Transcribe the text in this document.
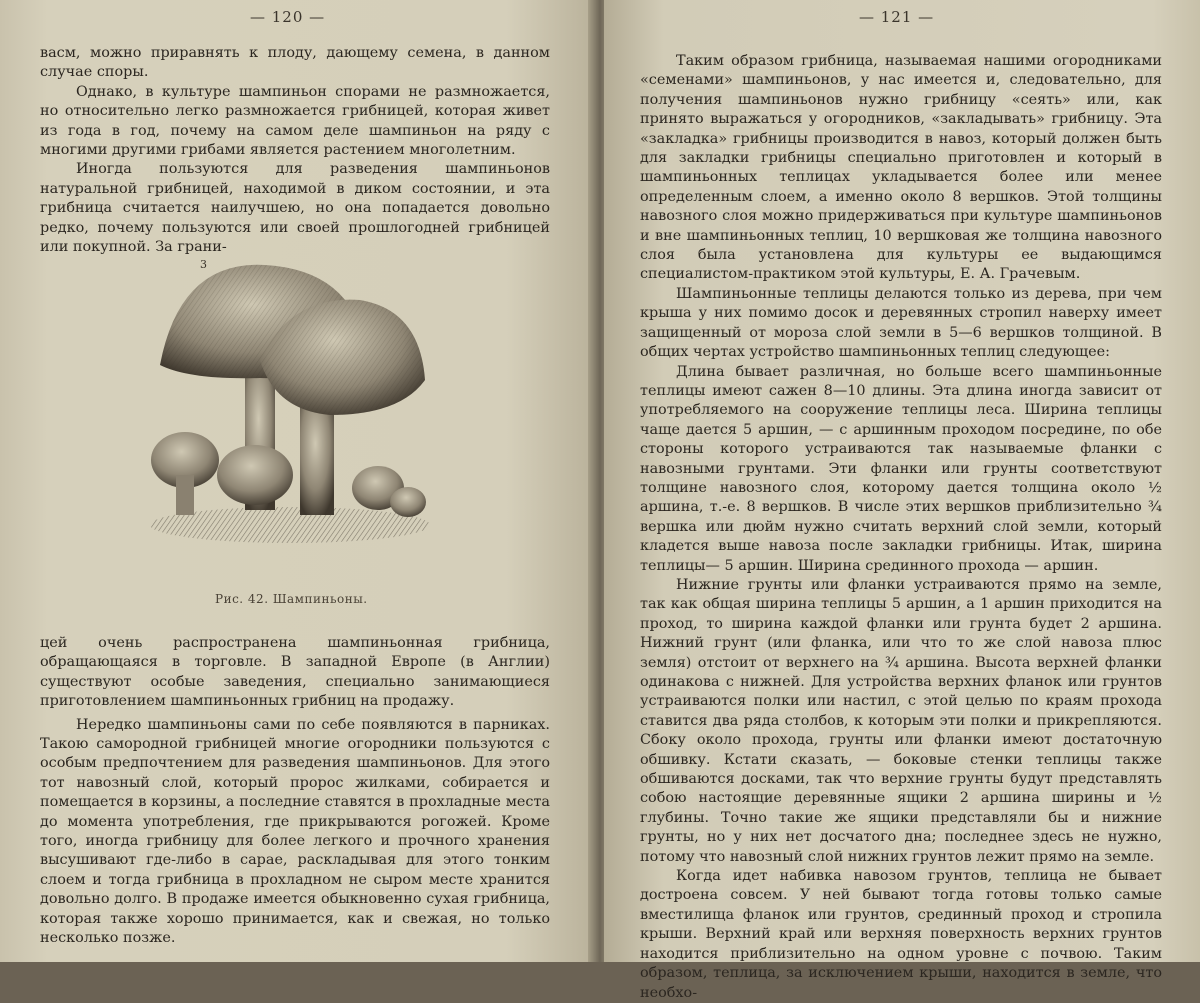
— 120 —

васм, можно приравнять к плоду, дающему семена, в данном случае споры.

Однако, в культуре шампиньон спорами не размножается, но относительно легко размножается грибницей, которая живет из года в год, почему на самом деле шампиньон на ряду с многими другими грибами является растением многолетним.

Иногда пользуются для разведения шампиньонов натуральной грибницей, находимой в диком состоянии, и эта грибница считается наилучшею, но она попадается довольно редко, почему пользуются или своей прошлогодней грибницей или покупной. За грани-

3
Рис. 42. Шампиньоны.

цей очень распространена шампиньонная грибница, обращающаяся в торговле. В западной Европе (в Англии) существуют особые заведения, специально занимающиеся приготовлением шампиньонных грибниц на продажу.

Нередко шампиньоны сами по себе появляются в парниках. Такою самородной грибницей многие огородники пользуются с особым предпочтением для разведения шампиньонов. Для этого тот навозный слой, который пророс жилками, собирается и помещается в корзины, а последние ставятся в прохладные места до момента употребления, где прикрываются рогожей. Кроме того, иногда грибницу для более легкого и прочного хранения высушивают где-либо в сарае, раскладывая для этого тонким слоем и тогда грибница в прохладном не сыром месте хранится довольно долго. В продаже имеется обыкновенно сухая грибница, которая также хорошо принимается, как и свежая, но только несколько позже.

— 121 —

Таким образом грибница, называемая нашими огородниками «семенами» шампиньонов, у нас имеется и, следовательно, для получения шампиньонов нужно грибницу «сеять» или, как принято выражаться у огородников, «закладывать» грибницу. Эта «закладка» грибницы производится в навоз, который должен быть для закладки грибницы специально приготовлен и который в шампиньонных теплицах укладывается более или менее определенным слоем, а именно около 8 вершков. Этой толщины навозного слоя можно придерживаться при культуре шампиньонов и вне шампиньонных теплиц, 10 вершковая же толщина навозного слоя была установлена для культуры ее выдающимся специалистом-практиком этой культуры, Е. А. Грачевым.

Шампиньонные теплицы делаются только из дерева, при чем крыша у них помимо досок и деревянных стропил наверху имеет защищенный от мороза слой земли в 5—6 вершков толщиной. В общих чертах устройство шампиньонных теплиц следующее:

Длина бывает различная, но больше всего шампиньонные теплицы имеют сажен 8—10 длины. Эта длина иногда зависит от употребляемого на сооружение теплицы леса. Ширина теплицы чаще дается 5 аршин, — с аршинным проходом посредине, по обе стороны которого устраиваются так называемые фланки с навозными грунтами. Эти фланки или грунты соответствуют толщине навозного слоя, которому дается толщина около ½ аршина, т.-е. 8 вершков. В числе этих вершков приблизительно ¾ вершка или дюйм нужно считать верхний слой земли, который кладется выше навоза после закладки грибницы. Итак, ширина теплицы— 5 аршин. Ширина срединного прохода — аршин.

Нижние грунты или фланки устраиваются прямо на земле, так как общая ширина теплицы 5 аршин, а 1 аршин приходится на проход, то ширина каждой фланки или грунта будет 2 аршина. Нижний грунт (или фланка, или что то же слой навоза плюс земля) отстоит от верхнего на ¾ аршина. Высота верхней фланки одинакова с нижней. Для устройства верхних фланок или грунтов устраиваются полки или настил, с этой целью по краям прохода ставится два ряда столбов, к которым эти полки и прикрепляются. Сбоку около прохода, грунты или фланки имеют достаточную обшивку. Кстати сказать, — боковые стенки теплицы также обшиваются досками, так что верхние грунты будут представлять собою настоящие деревянные ящики 2 аршина ширины и ½ глубины. Точно такие же ящики представляли бы и нижние грунты, но у них нет досчатого дна; последнее здесь не нужно, потому что навозный слой нижних грунтов лежит прямо на земле.

Когда идет набивка навозом грунтов, теплица не бывает достроена совсем. У ней бывают тогда готовы только самые вместилища фланок или грунтов, срединный проход и стропила крыши. Верхний край или верхняя поверхность верхних грунтов находится приблизительно на одном уровне с почвою. Таким образом, теплица, за исключением крыши, находится в земле, что необхо-
